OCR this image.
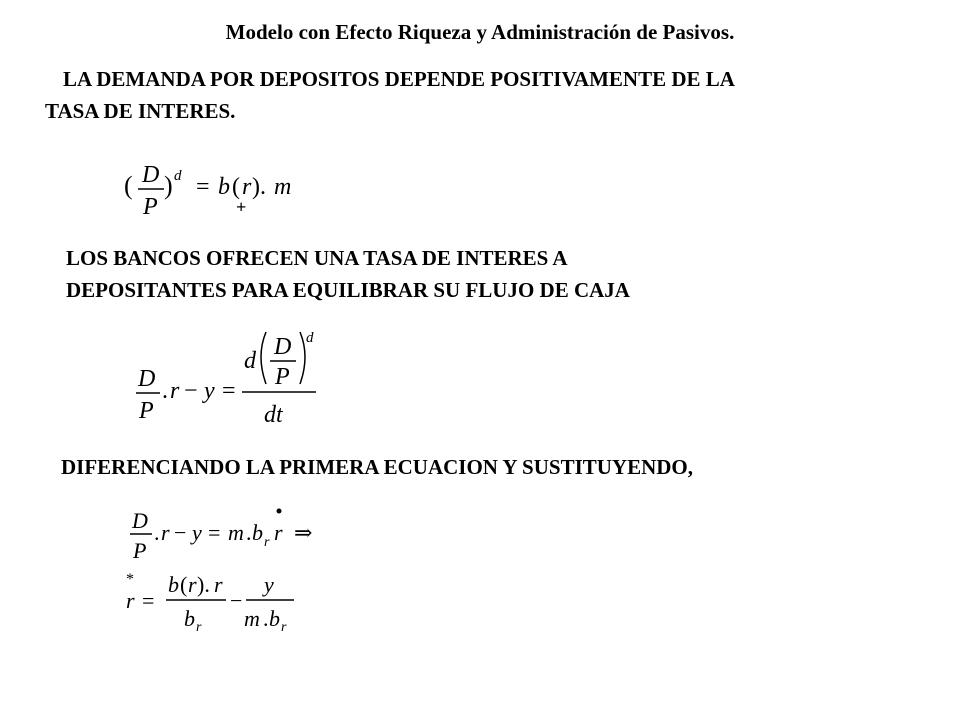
Modelo con Efecto Riqueza y Administración de Pasivos.

LA DEMANDA POR DEPOSITOS DEPENDE POSITIVAMENTE DE LA

TASA DE INTERES.

( D
P
) d = b ( r ). m
+

LOS BANCOS OFRECEN UNA TASA DE INTERES A

DEPOSITANTES PARA EQUILIBRAR SU FLUJO DE CAJA

D
P
. r − y =
d
D
P
d
dt

DIFERENCIANDO LA PRIMERA ECUACION Y SUSTITUYENDO,

D
P
. r − y = m . b r r ⇒
*
r =
b ( r ). r
b r
−
y
m . b r
